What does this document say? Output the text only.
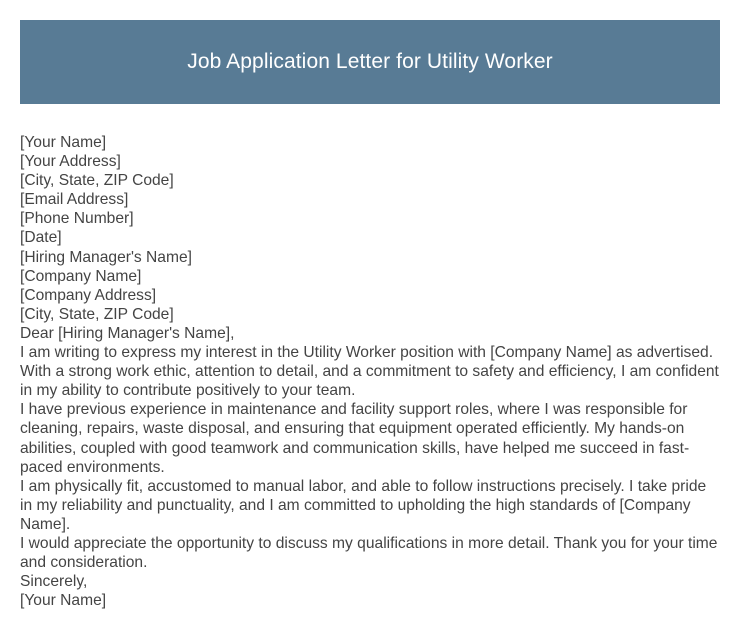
Job Application Letter for Utility Worker

[Your Name]

[Your Address]

[City, State, ZIP Code]

[Email Address]

[Phone Number]

[Date]

[Hiring Manager's Name]

[Company Name]

[Company Address]

[City, State, ZIP Code]

Dear [Hiring Manager's Name],

I am writing to express my interest in the Utility Worker position with [Company Name] as advertised. With a strong work ethic, attention to detail, and a commitment to safety and efficiency, I am confident in my ability to contribute positively to your team.

I have previous experience in maintenance and facility support roles, where I was responsible for cleaning, repairs, waste disposal, and ensuring that equipment operated efficiently. My hands-on abilities, coupled with good teamwork and communication skills, have helped me succeed in fast-paced environments.

I am physically fit, accustomed to manual labor, and able to follow instructions precisely. I take pride in my reliability and punctuality, and I am committed to upholding the high standards of [Company Name].

I would appreciate the opportunity to discuss my qualifications in more detail. Thank you for your time and consideration.

Sincerely,

[Your Name]
